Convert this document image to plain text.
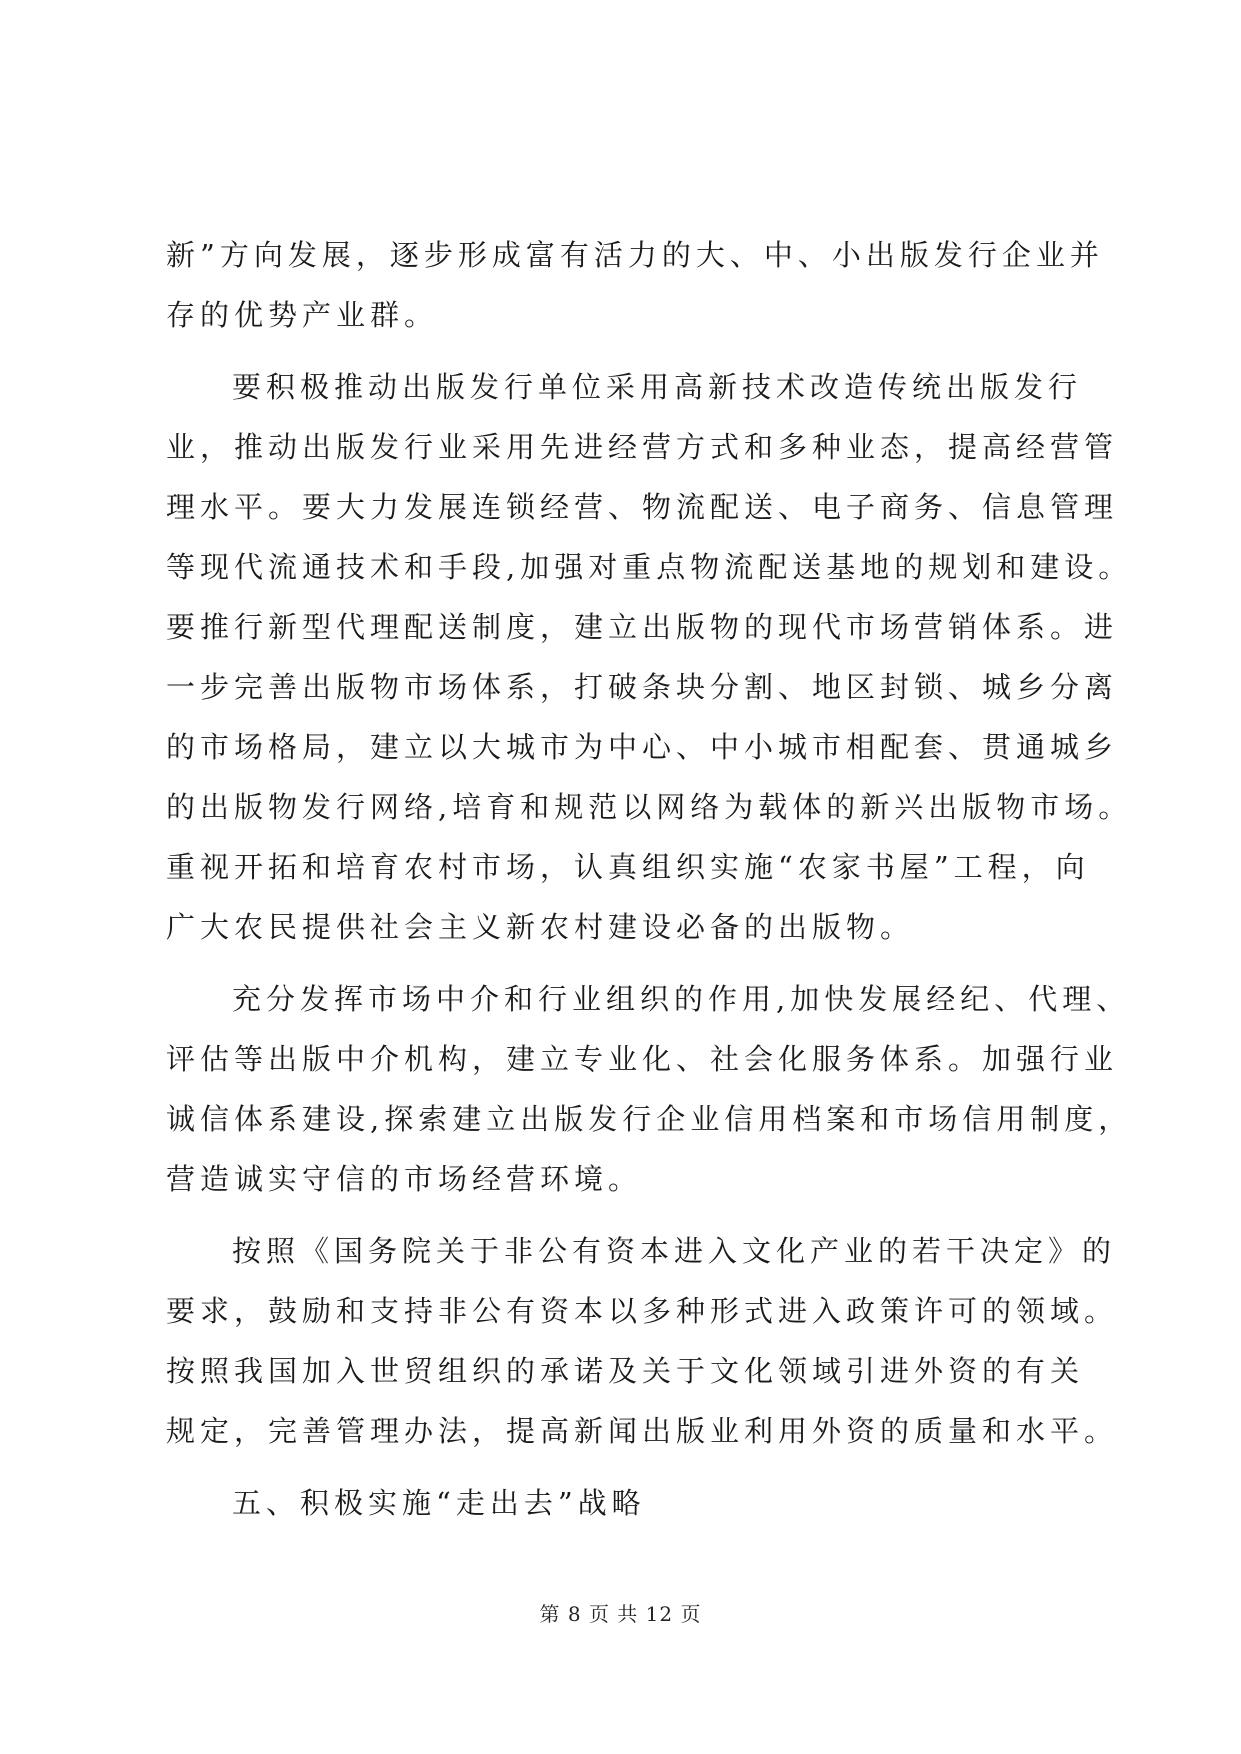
新”方向发展，逐步形成富有活力的大、中、小出版发行企业并
存的优势产业群。
要积极推动出版发行单位采用高新技术改造传统出版发行
业，推动出版发行业采用先进经营方式和多种业态，提高经营管
理水平。要大力发展连锁经营、物流配送、电子商务、信息管理
等现代流通技术和手段,加强对重点物流配送基地的规划和建设。
要推行新型代理配送制度，建立出版物的现代市场营销体系。进
一步完善出版物市场体系，打破条块分割、地区封锁、城乡分离
的市场格局，建立以大城市为中心、中小城市相配套、贯通城乡
的出版物发行网络,培育和规范以网络为载体的新兴出版物市场。
重视开拓和培育农村市场，认真组织实施“农家书屋”工程，向
广大农民提供社会主义新农村建设必备的出版物。
充分发挥市场中介和行业组织的作用,加快发展经纪、代理、
评估等出版中介机构，建立专业化、社会化服务体系。加强行业
诚信体系建设,探索建立出版发行企业信用档案和市场信用制度，
营造诚实守信的市场经营环境。
按照《国务院关于非公有资本进入文化产业的若干决定》的
要求，鼓励和支持非公有资本以多种形式进入政策许可的领域。
按照我国加入世贸组织的承诺及关于文化领域引进外资的有关
规定，完善管理办法，提高新闻出版业利用外资的质量和水平。
五、积极实施“走出去”战略
第 8 页 共 12 页
